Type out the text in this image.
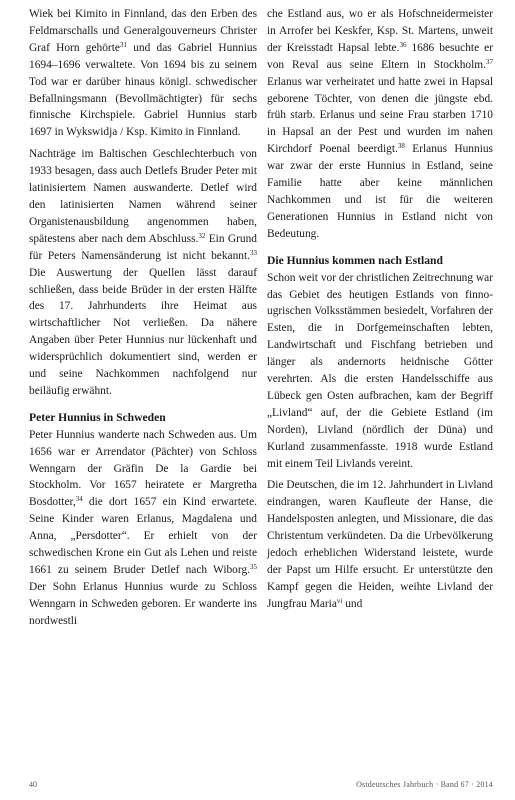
Wiek bei Kimito in Finnland, das den Erben des Feldmarschalls und Generalgouverneurs Christer Graf Horn gehörte$^{31}$ und das Gabriel Hunnius 1694–1696 verwaltete. Von 1694 bis zu seinem Tod war er darüber hinaus königl. schwedischer Befallningsmann (Bevollmächtigter) für sechs finnische Kirchspiele. Gabriel Hunnius starb 1697 in Wykswidja / Ksp. Kimito in Finnland.

Nachträge im Baltischen Geschlechterbuch von 1933 besagen, dass auch Detlefs Bruder Peter mit latinisiertem Namen auswanderte. Detlef wird den latinisierten Namen während seiner Organistenausbildung angenommen haben, spätestens aber nach dem Abschluss.$^{32}$ Ein Grund für Peters Namensänderung ist nicht bekannt.$^{33}$ Die Auswertung der Quellen lässt darauf schließen, dass beide Brüder in der ersten Hälfte des 17. Jahrhunderts ihre Heimat aus wirtschaftlicher Not verließen. Da nähere Angaben über Peter Hunnius nur lückenhaft und widersprüchlich dokumentiert sind, werden er und seine Nachkommen nachfolgend nur beiläufig erwähnt.

Peter Hunnius in Schweden

Peter Hunnius wanderte nach Schweden aus. Um 1656 war er Arrendator (Pächter) von Schloss Wenngarn der Gräfin De la Gardie bei Stockholm. Vor 1657 heiratete er Margretha Bosdotter,$^{34}$ die dort 1657 ein Kind erwartete. Seine Kinder waren Erlanus, Magdalena und Anna, „Persdotter“. Er erhielt von der schwedischen Krone ein Gut als Lehen und reiste 1661 zu seinem Bruder Detlef nach Wiborg.$^{35}$ Der Sohn Erlanus Hunnius wurde zu Schloss Wenngarn in Schweden geboren. Er wanderte ins nordwestli

che Estland aus, wo er als Hofschneidermeister in Arrofer bei Keskfer, Ksp. St. Martens, unweit der Kreisstadt Hapsal lebte.$^{36}$ 1686 besuchte er von Reval aus seine Eltern in Stockholm.$^{37}$ Erlanus war verheiratet und hatte zwei in Hapsal geborene Töchter, von denen die jüngste ebd. früh starb. Erlanus und seine Frau starben 1710 in Hapsal an der Pest und wurden im nahen Kirchdorf Poenal beerdigt.$^{38}$ Erlanus Hunnius war zwar der erste Hunnius in Estland, seine Familie hatte aber keine männlichen Nachkommen und ist für die weiteren Generationen Hunnius in Estland nicht von Bedeutung.

Die Hunnius kommen nach Estland

Schon weit vor der christlichen Zeitrechnung war das Gebiet des heutigen Estlands von finno-ugrischen Volksstämmen besiedelt, Vorfahren der Esten, die in Dorfgemeinschaften lebten, Landwirtschaft und Fischfang betrieben und länger als andernorts heidnische Götter verehrten. Als die ersten Handelsschiffe aus Lübeck gen Osten aufbrachen, kam der Begriff „Livland“ auf, der die Gebiete Estland (im Norden), Livland (nördlich der Düna) und Kurland zusammenfasste. 1918 wurde Estland mit einem Teil Livlands vereint.

Die Deutschen, die im 12. Jahrhundert in Livland eindrangen, waren Kaufleute der Hanse, die Handelsposten anlegten, und Missionare, die das Christentum verkündeten. Da die Urbevölkerung jedoch erheblichen Widerstand leistete, wurde der Papst um Hilfe ersucht. Er unterstützte den Kampf gegen die Heiden, weihte Livland der Jungfrau Maria$^{vi}$ und

40	Ostdeutsches Jahrbuch · Band 67 · 2014
